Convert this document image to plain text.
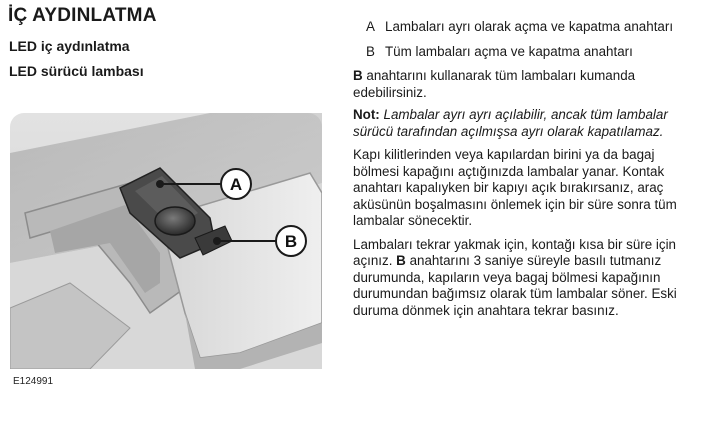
İÇ AYDINLATMA
LED iç aydınlatma
LED sürücü lambası
A
B
E124991
A Lambaları ayrı olarak açma ve kapatma anahtarı
B Tüm lambaları açma ve kapatma anahtarı

B anahtarını kullanarak tüm lambaları kumanda edebilirsiniz.

Not: Lambalar ayrı ayrı açılabilir, ancak tüm lambalar sürücü tarafından açılmışsa ayrı olarak kapatılamaz.

Kapı kilitlerinden veya kapılardan birini ya da bagaj bölmesi kapağını açtığınızda lambalar yanar. Kontak anahtarı kapalıyken bir kapıyı açık bırakırsanız, araç aküsünün boşalmasını önlemek için bir süre sonra tüm lambalar sönecektir.

Lambaları tekrar yakmak için, kontağı kısa bir süre için açınız. B anahtarını 3 saniye süreyle basılı tutmanız durumunda, kapıların veya bagaj bölmesi kapağının durumundan bağımsız olarak tüm lambalar söner. Eski duruma dönmek için anahtara tekrar basınız.
